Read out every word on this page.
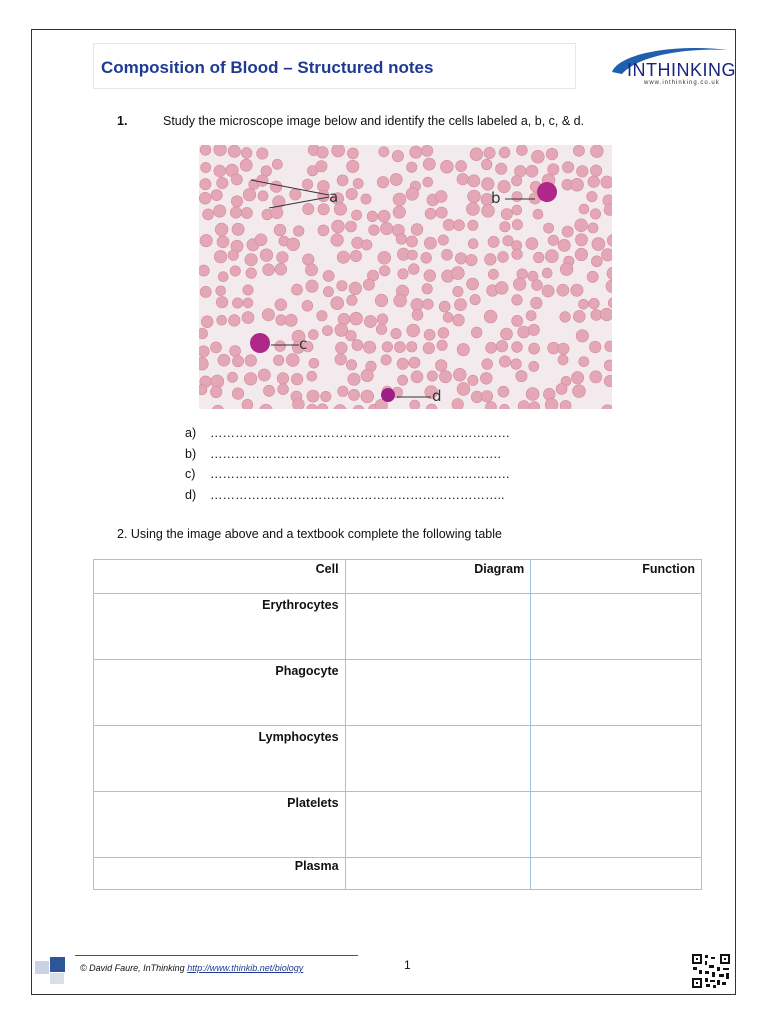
Composition of Blood – Structured notes	INTHINKING
www.inthinking.co.uk
1.	Study the microscope image below and identify the cells labeled a, b, c, & d.
a	b
c
d
a)	………………………………………………………………
b)	…………………………………………………………….
c)	………………………………………………………………
d)	……………………………………………………………..
2. Using the image above and a textbook complete the following table
Cell	Diagram	Function
Erythrocytes		
Phagocyte		
Lymphocytes		
Platelets		
Plasma		
© David Faure, InThinking http://www.thinkib.net/biology	1
